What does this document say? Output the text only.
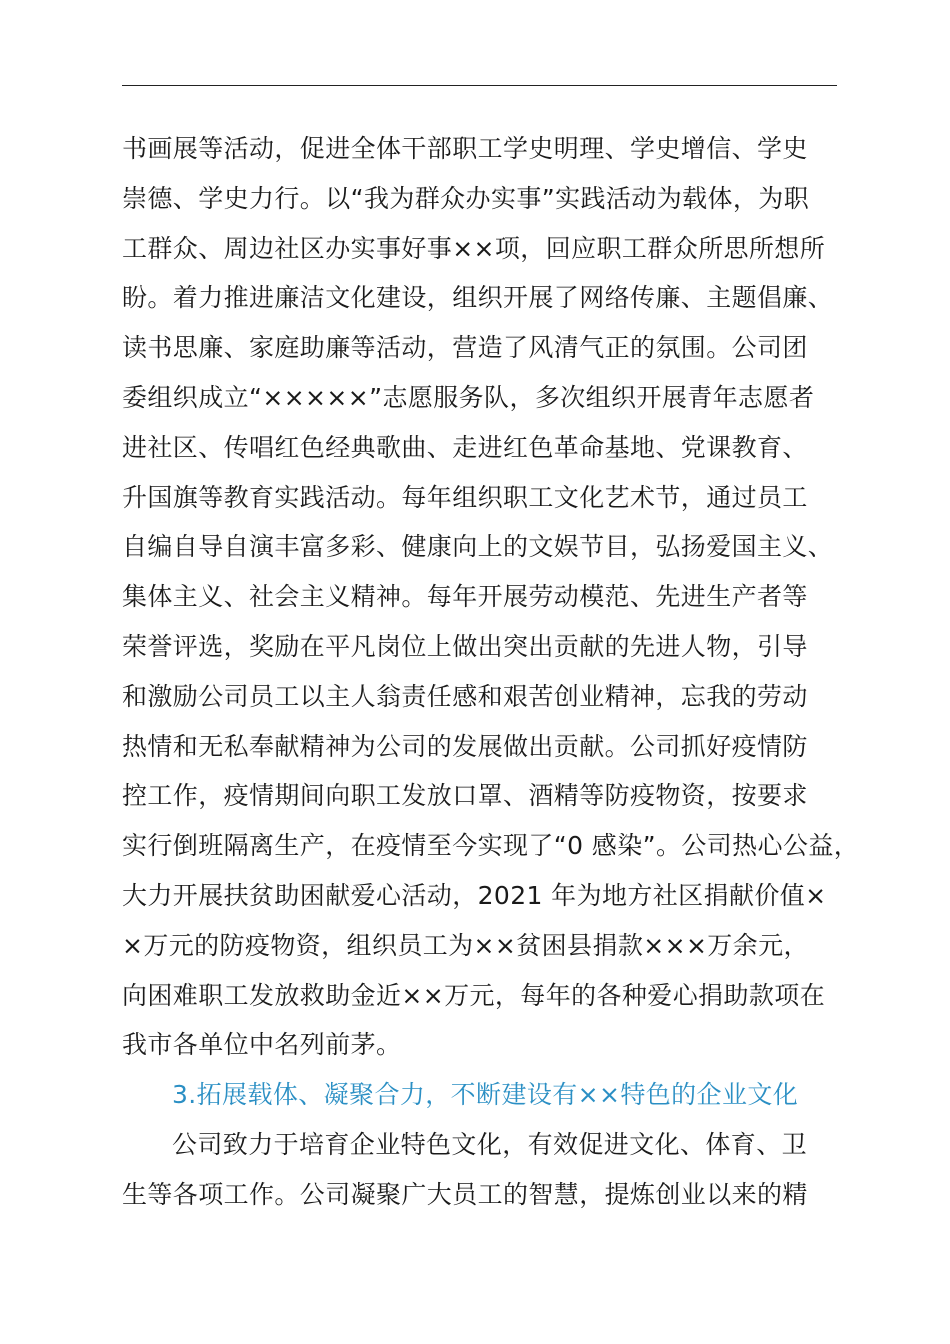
书画展等活动，促进全体干部职工学史明理、学史增信、学史
崇德、学史力行。以“我为群众办实事”实践活动为载体，为职
工群众、周边社区办实事好事××项，回应职工群众所思所想所
盼。着力推进廉洁文化建设，组织开展了网络传廉、主题倡廉、
读书思廉、家庭助廉等活动，营造了风清气正的氛围。公司团
委组织成立“×××××”志愿服务队，多次组织开展青年志愿者
进社区、传唱红色经典歌曲、走进红色革命基地、党课教育、
升国旗等教育实践活动。每年组织职工文化艺术节，通过员工
自编自导自演丰富多彩、健康向上的文娱节目，弘扬爱国主义、
集体主义、社会主义精神。每年开展劳动模范、先进生产者等
荣誉评选，奖励在平凡岗位上做出突出贡献的先进人物，引导
和激励公司员工以主人翁责任感和艰苦创业精神，忘我的劳动
热情和无私奉献精神为公司的发展做出贡献。公司抓好疫情防
控工作，疫情期间向职工发放口罩、酒精等防疫物资，按要求
实行倒班隔离生产，在疫情至今实现了“0 感染”。公司热心公益，
大力开展扶贫助困献爱心活动，2021 年为地方社区捐献价值×
×万元的防疫物资，组织员工为××贫困县捐款×××万余元，
向困难职工发放救助金近××万元，每年的各种爱心捐助款项在
我市各单位中名列前茅。
3.拓展载体、凝聚合力，不断建设有××特色的企业文化
公司致力于培育企业特色文化，有效促进文化、体育、卫
生等各项工作。公司凝聚广大员工的智慧，提炼创业以来的精
